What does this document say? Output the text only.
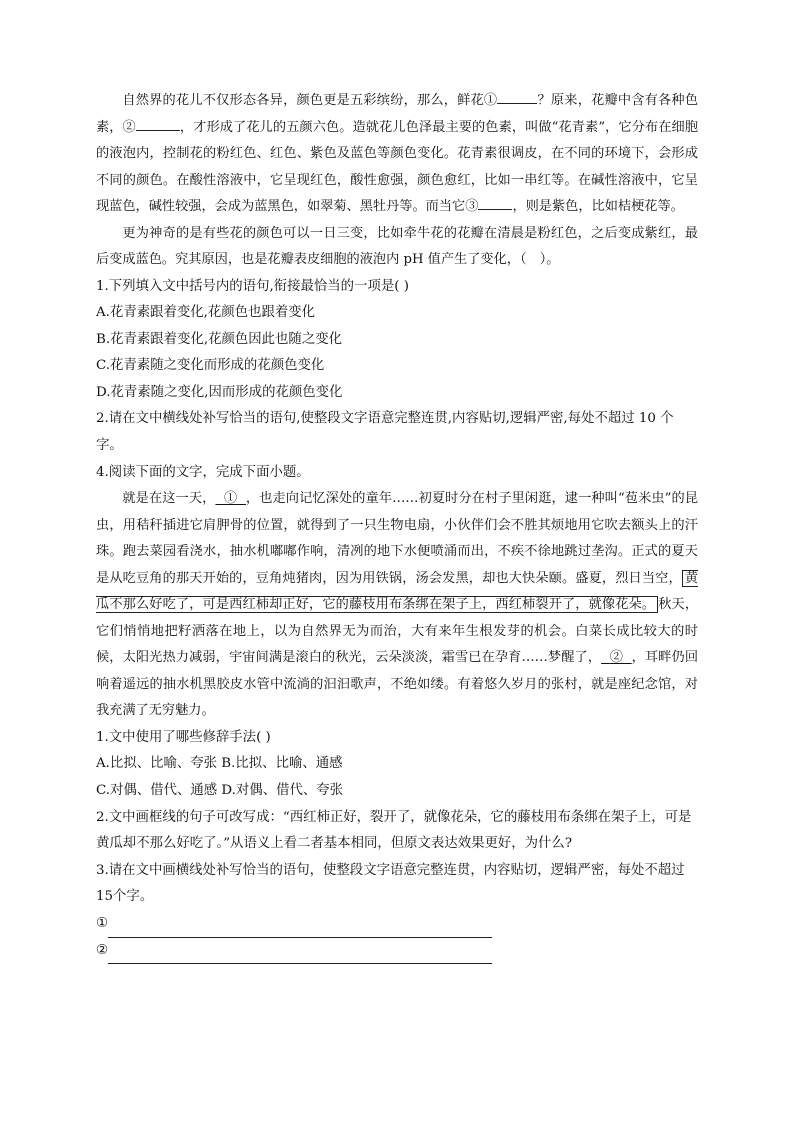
自然界的花儿不仅形态各异，颜色更是五彩缤纷，那么，鲜花①	？原来，花瓣中含有各种色素，②	，才形成了花儿的五颜六色。造就花儿色泽最主要的色素，叫做“花青素”，它分布在细胞的液泡内，控制花的粉红色、红色、紫色及蓝色等颜色变化。花青素很调皮，在不同的环境下，会形成不同的颜色。在酸性溶液中，它呈现红色，酸性愈强，颜色愈红，比如一串红等。在碱性溶液中，它呈现蓝色，碱性较强，会成为蓝黑色，如翠菊、黑牡丹等。而当它③	，则是紫色，比如桔梗花等。

更为神奇的是有些花的颜色可以一日三变，比如牵牛花的花瓣在清晨是粉红色，之后变成紫红，最后变成蓝色。究其原因，也是花瓣表皮细胞的液泡内 pH 值产生了变化，（　）。

1.下列填入文中括号内的语句,衔接最恰当的一项是( )

A.花青素跟着变化,花颜色也跟着变化

B.花青素跟着变化,花颜色因此也随之变化

C.花青素随之变化而形成的花颜色变化

D.花青素随之变化,因而形成的花颜色变化

2.请在文中横线处补写恰当的语句,使整段文字语意完整连贯,内容贴切,逻辑严密,每处不超过 10 个字。

4.阅读下面的文字，完成下面小题。

就是在这一天， ① ，也走向记忆深处的童年……初夏时分在村子里闲逛，逮一种叫“苞米虫”的昆虫，用秸秆插进它肩胛骨的位置，就得到了一只生物电扇，小伙伴们会不胜其烦地用它吹去额头上的汗珠。跑去菜园看浇水，抽水机嘟嘟作响，清冽的地下水便喷涌而出，不疾不徐地跳过垄沟。正式的夏天是从吃豆角的那天开始的，豆角炖猪肉，因为用铁锅，汤会发黑，却也大快朵颐。盛夏，烈日当空， 黄瓜不那么好吃了，可是西红柿却正好，它的藤枝用布条绑在架子上，西红柿裂开了，就像花朵。 秋天，它们悄悄地把籽洒落在地上，以为自然界无为而治，大有来年生根发芽的机会。白菜长成比较大的时候，太阳光热力减弱，宇宙间满是滚白的秋光，云朵淡淡，霜雪已在孕育……梦醒了， ② ，耳畔仍回响着遥远的抽水机黑胶皮水管中流淌的汩汩歌声，不绝如缕。有着悠久岁月的张村，就是座纪念馆，对我充满了无穷魅力。

1.文中使用了哪些修辞手法( )

A.比拟、比喻、夸张 B.比拟、比喻、通感

C.对偶、借代、通感 D.对偶、借代、夸张

2.文中画框线的句子可改写成：“西红柿正好，裂开了，就像花朵，它的藤枝用布条绑在架子上，可是黄瓜却不那么好吃了。”从语义上看二者基本相同，但原文表达效果更好，为什么?

3.请在文中画横线处补写恰当的语句，使整段文字语意完整连贯，内容贴切，逻辑严密，每处不超过 15个字。

①

②
